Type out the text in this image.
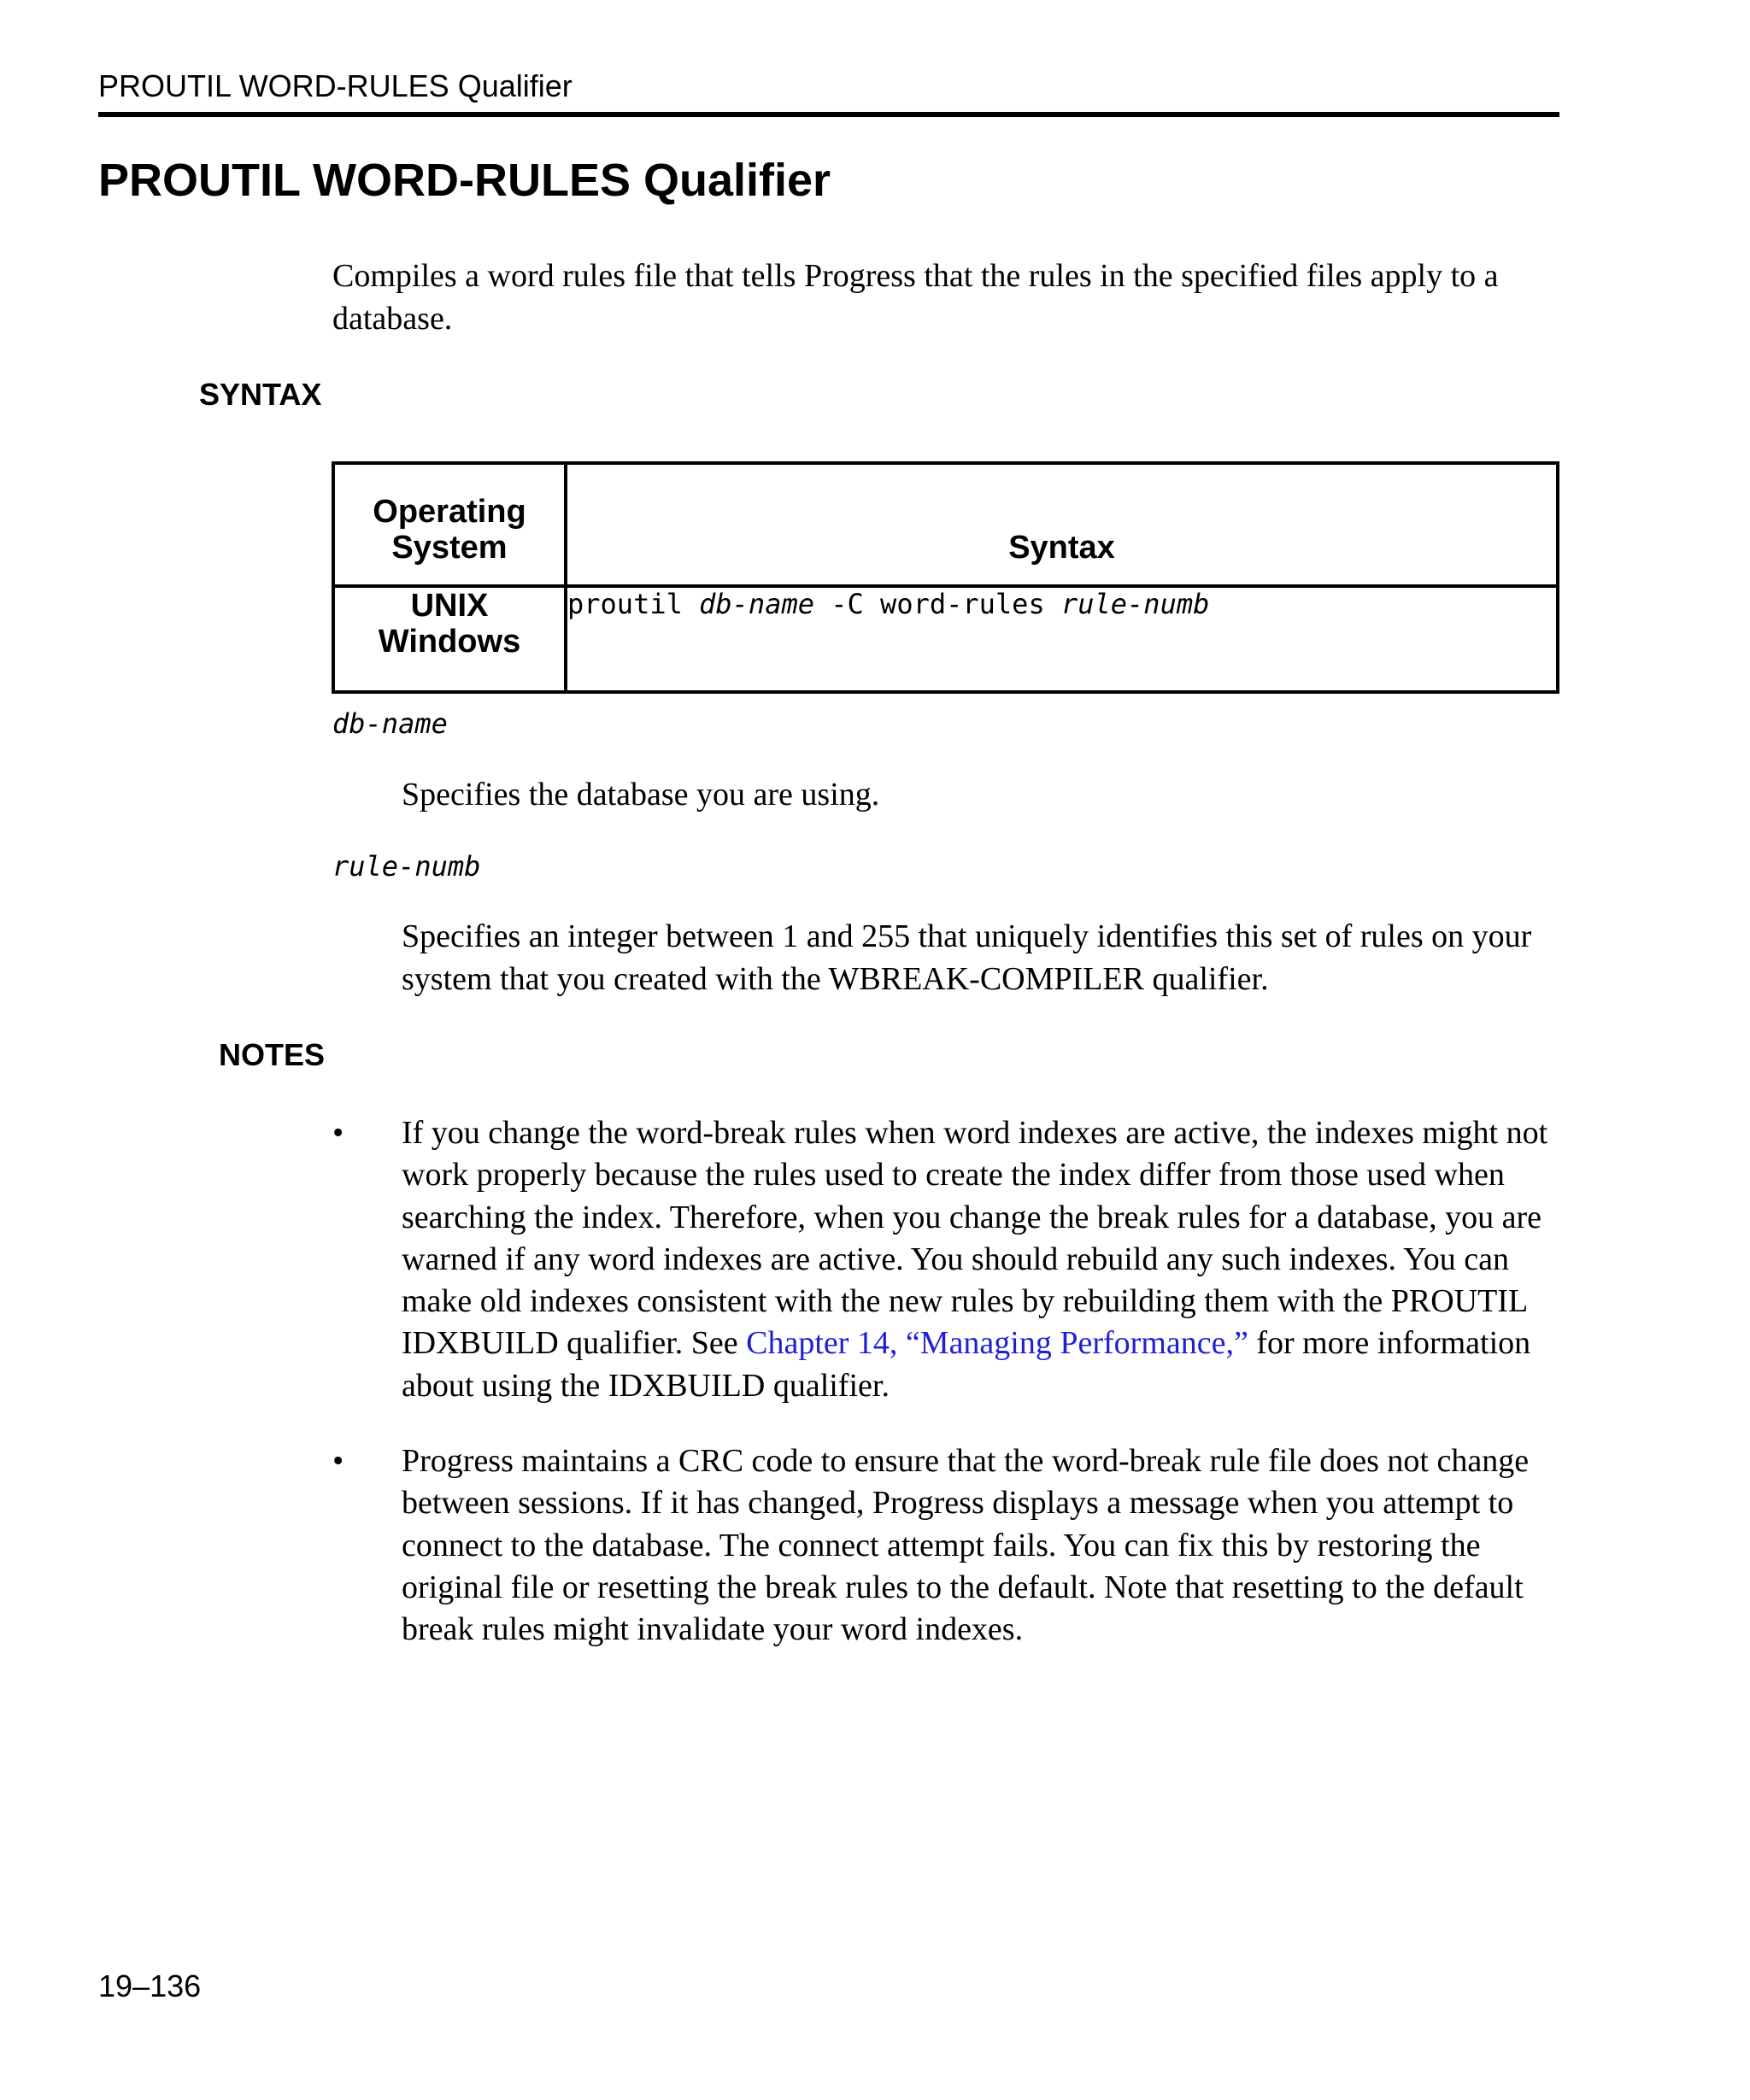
PROUTIL WORD-RULES Qualifier
PROUTIL WORD-RULES Qualifier

Compiles a word rules file that tells Progress that the rules in the specified files apply to a database.

SYNTAX
Operating
System	Syntax
UNIX
Windows	proutil db-name -C word-rules rule-numb
db-name

Specifies the database you are using.

rule-numb

Specifies an integer between 1 and 255 that uniquely identifies this set of rules on your system that you created with the WBREAK-COMPILER qualifier.

NOTES
•	If you change the word-break rules when word indexes are active, the indexes might not work properly because the rules used to create the index differ from those used when searching the index. Therefore, when you change the break rules for a database, you are warned if any word indexes are active. You should rebuild any such indexes. You can make old indexes consistent with the new rules by rebuilding them with the PROUTIL IDXBUILD qualifier. See Chapter 14, “Managing Performance,” for more information about using the IDXBUILD qualifier.
•	Progress maintains a CRC code to ensure that the word-break rule file does not change between sessions. If it has changed, Progress displays a message when you attempt to connect to the database. The connect attempt fails. You can fix this by restoring the original file or resetting the break rules to the default. Note that resetting to the default break rules might invalidate your word indexes.
19–136
